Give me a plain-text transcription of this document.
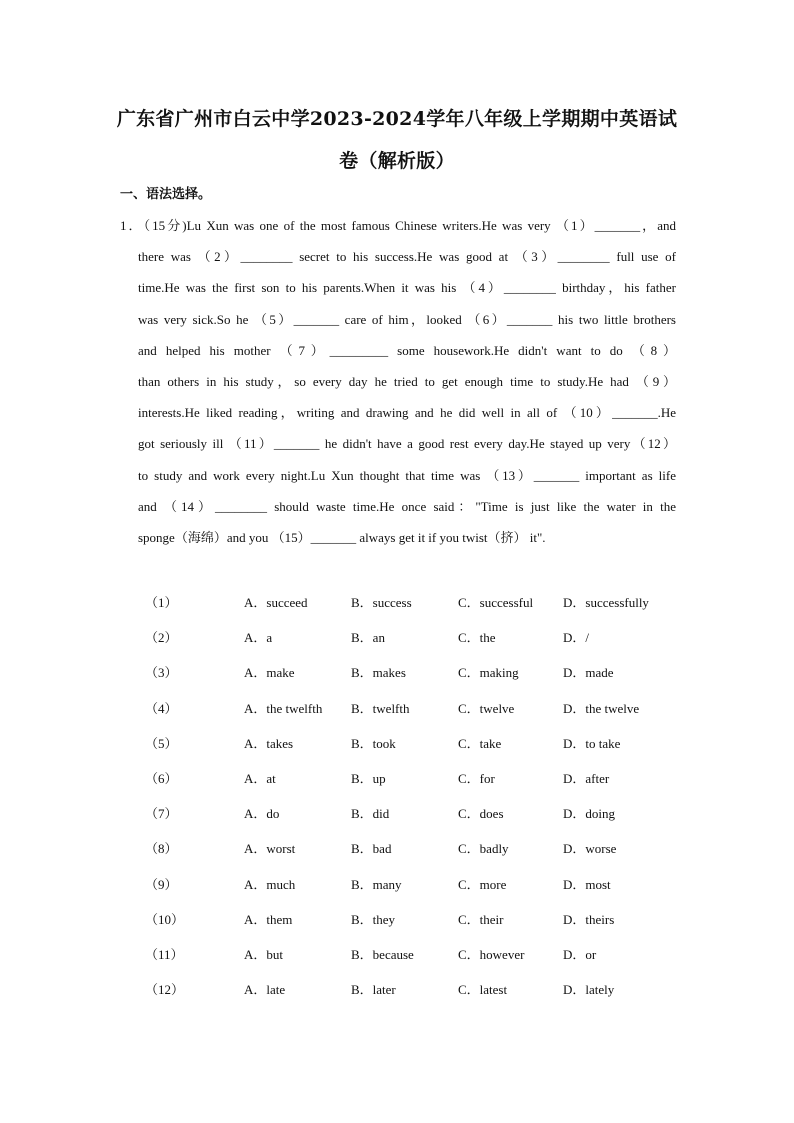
广东省广州市白云中学2023-2024学年八年级上学期期中英语试
卷（解析版）
一、语法选择。
1．（15分)Lu Xun was one of the most famous Chinese writers.He was very （1）_______，and
there was （2）________ secret to his success.He was good at （3）________ full use of
time.He was the first son to his parents.When it was his （4）________ birthday，his father
was very sick.So he （5）_______ care of him，looked （6）_______ his two little brothers
and helped his mother （7）_________ some housework.He didn't want to do （8）
than others in his study，so every day he tried to get enough time to study.He had （9）
interests.He liked reading，writing and drawing and he did well in all of （10）_______.He
got seriously ill （11）_______ he didn't have a good rest every day.He stayed up very（12）
to study and work every night.Lu Xun thought that time was （13）_______ important as life
and （14）________ should waste time.He once said："Time is just like the water in the
sponge（海绵）and you （15）_______ always get it if you twist（挤） it".
（1）	A．succeed	B．success	C．successful D．successfully
（2）	A．a	B．an	C．the	D．/
（3）	A．make	B．makes	C．making	D．made
（4）	A．the twelfth B．twelfth	C．twelve	D．the twelve
（5）	A．takes	B．took	C．take	D．to take
（6）	A．at	B．up	C．for	D．after
（7）	A．do	B．did	C．does	D．doing
（8）	A．worst	B．bad	C．badly	D．worse
（9）	A．much	B．many	C．more	D．most
（10）	A．them	B．they	C．their	D．theirs
（11）	A．but	B．because	C．however	D．or
（12）	A．late	B．later	C．latest	D．lately
